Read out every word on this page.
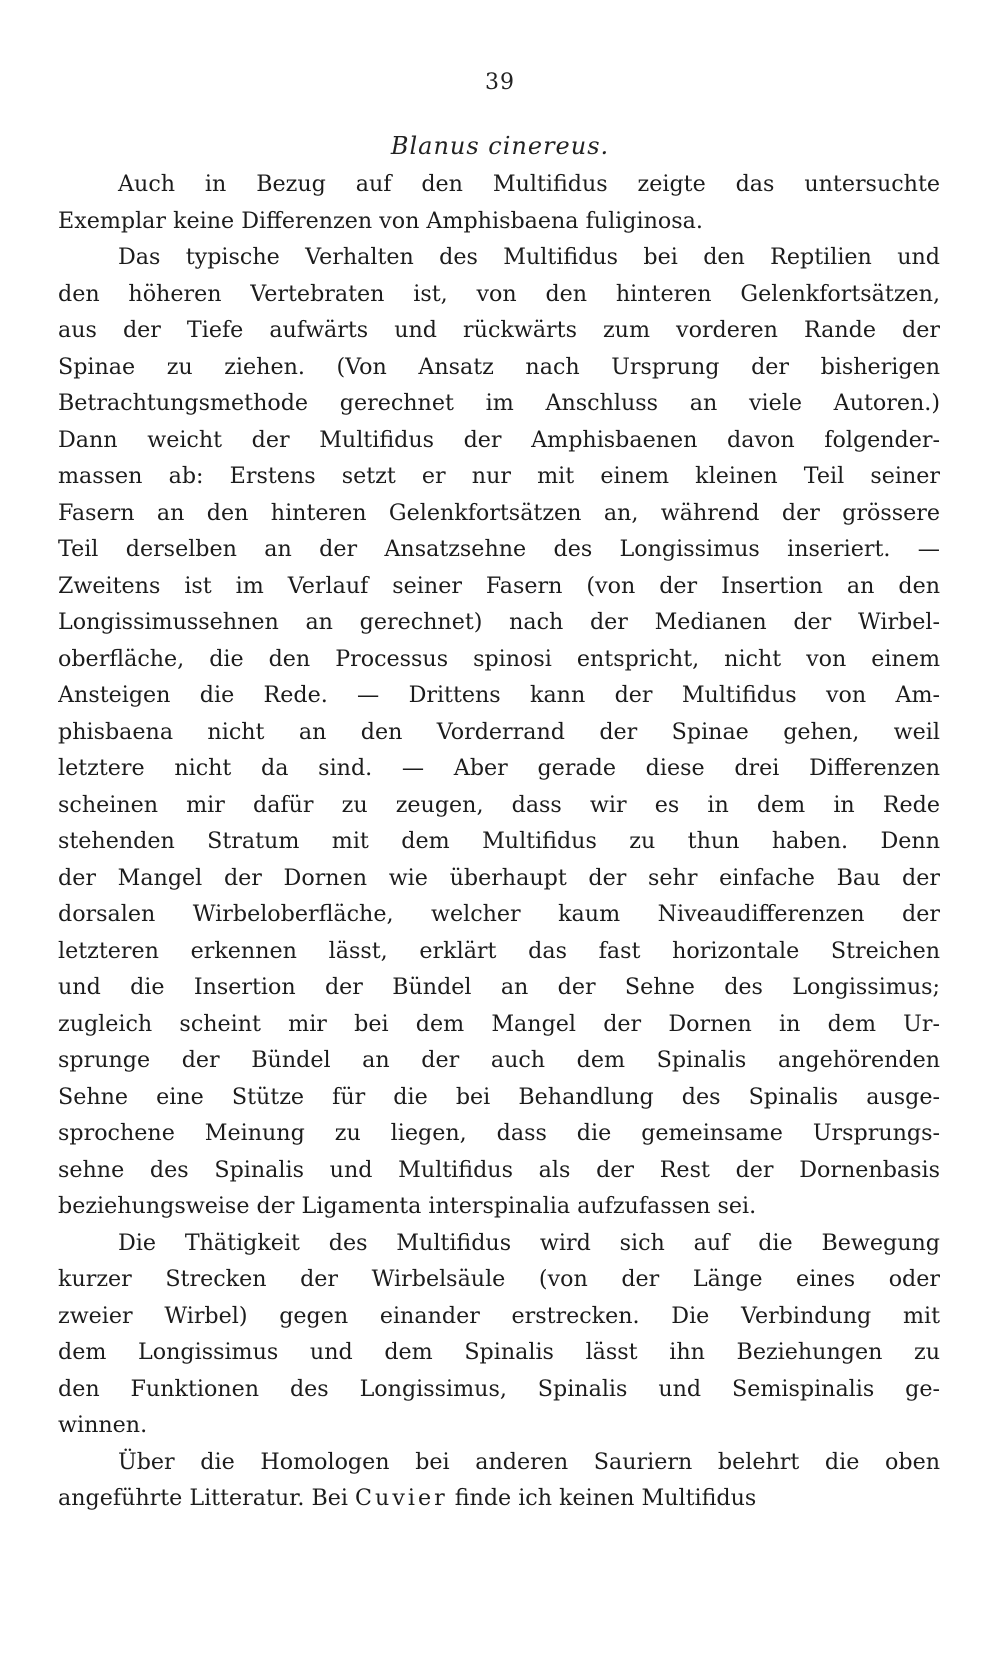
39
Blanus cinereus.
Auch in Bezug auf den Multifidus zeigte das untersuchte
Exemplar keine Differenzen von Amphisbaena fuliginosa.
Das typische Verhalten des Multifidus bei den Reptilien und
den höheren Vertebraten ist, von den hinteren Gelenkfortsätzen,
aus der Tiefe aufwärts und rückwärts zum vorderen Rande der
Spinae zu ziehen. (Von Ansatz nach Ursprung der bisherigen
Betrachtungsmethode gerechnet im Anschluss an viele Autoren.)
Dann weicht der Multifidus der Amphisbaenen davon folgender-
massen ab: Erstens setzt er nur mit einem kleinen Teil seiner
Fasern an den hinteren Gelenkfortsätzen an, während der grössere
Teil derselben an der Ansatzsehne des Longissimus inseriert. —
Zweitens ist im Verlauf seiner Fasern (von der Insertion an den
Longissimussehnen an gerechnet) nach der Medianen der Wirbel-
oberfläche, die den Processus spinosi entspricht, nicht von einem
Ansteigen die Rede. — Drittens kann der Multifidus von Am-
phisbaena nicht an den Vorderrand der Spinae gehen, weil
letztere nicht da sind. — Aber gerade diese drei Differenzen
scheinen mir dafür zu zeugen, dass wir es in dem in Rede
stehenden Stratum mit dem Multifidus zu thun haben. Denn
der Mangel der Dornen wie überhaupt der sehr einfache Bau der
dorsalen Wirbeloberfläche, welcher kaum Niveaudifferenzen der
letzteren erkennen lässt, erklärt das fast horizontale Streichen
und die Insertion der Bündel an der Sehne des Longissimus;
zugleich scheint mir bei dem Mangel der Dornen in dem Ur-
sprunge der Bündel an der auch dem Spinalis angehörenden
Sehne eine Stütze für die bei Behandlung des Spinalis ausge-
sprochene Meinung zu liegen, dass die gemeinsame Ursprungs-
sehne des Spinalis und Multifidus als der Rest der Dornenbasis
beziehungsweise der Ligamenta interspinalia aufzufassen sei.
Die Thätigkeit des Multifidus wird sich auf die Bewegung
kurzer Strecken der Wirbelsäule (von der Länge eines oder
zweier Wirbel) gegen einander erstrecken. Die Verbindung mit
dem Longissimus und dem Spinalis lässt ihn Beziehungen zu
den Funktionen des Longissimus, Spinalis und Semispinalis ge-
winnen.
Über die Homologen bei anderen Sauriern belehrt die oben
angeführte Litteratur. Bei Cuvier finde ich keinen Multifidus
